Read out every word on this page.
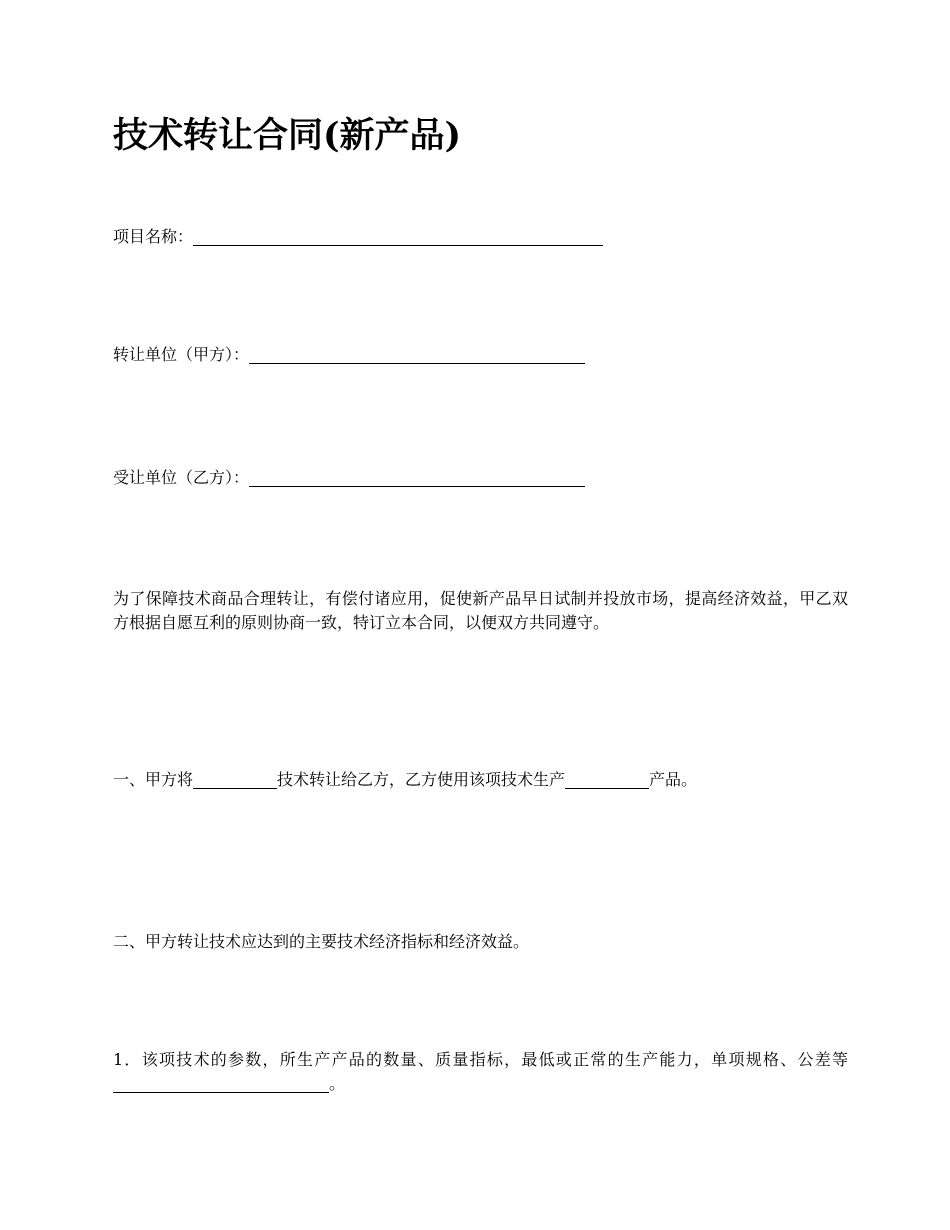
技术转让合同(新产品)
项目名称：
转让单位（甲方）：
受让单位（乙方）：
为了保障技术商品合理转让，有偿付诸应用，促使新产品早日试制并投放市场，提高经济效益，甲乙双方根据自愿互利的原则协商一致，特订立本合同，以便双方共同遵守。
一、甲方将	技术转让给乙方，乙方使用该项技术生产	产品。
二、甲方转让技术应达到的主要技术经济指标和经济效益。
1．该项技术的参数，所生产产品的数量、质量指标，最低或正常的生产能力，单项规格、公差等。
